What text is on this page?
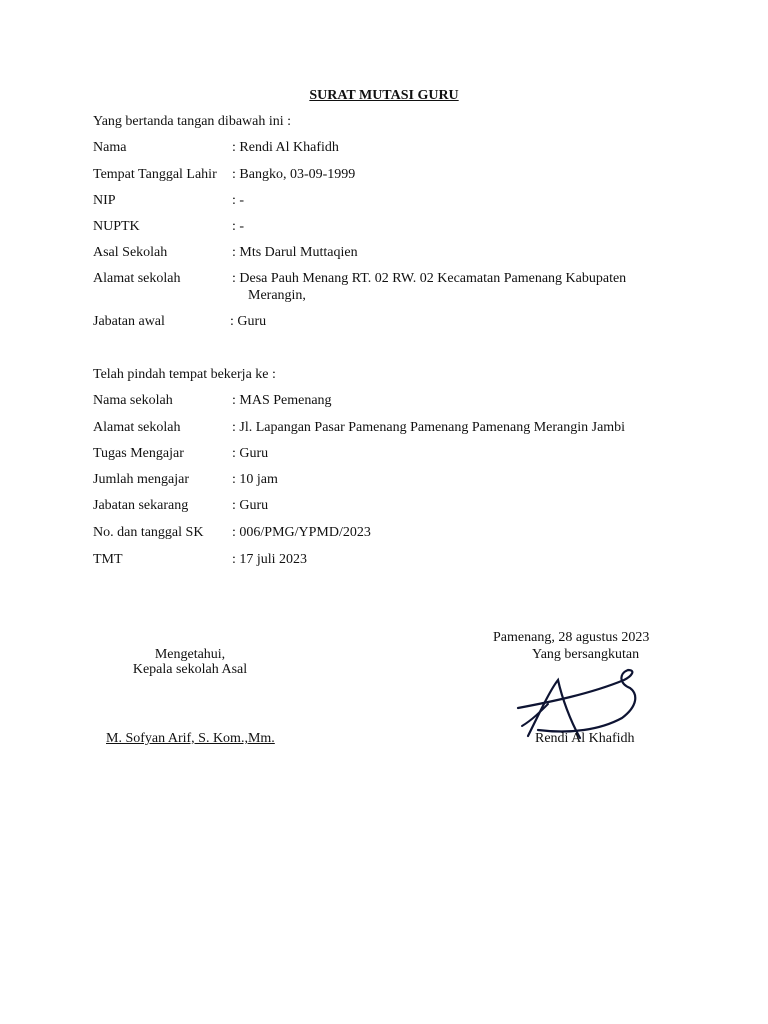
SURAT MUTASI GURU
Yang bertanda tangan dibawah ini :
Nama	: Rendi Al Khafidh
Tempat Tanggal Lahir : Bangko, 03-09-1999
NIP	: -
NUPTK	: -
Asal Sekolah	: Mts Darul Muttaqien
Alamat sekolah	: Desa Pauh Menang RT. 02 RW. 02 Kecamatan Pamenang Kabupaten
Merangin,
Jabatan awal	: Guru
Telah pindah tempat bekerja ke :
Nama sekolah	: MAS Pemenang
Alamat sekolah	: Jl. Lapangan Pasar Pamenang Pamenang Pamenang Merangin Jambi
Tugas Mengajar	: Guru
Jumlah mengajar	: 10 jam
Jabatan sekarang	: Guru
No. dan tanggal SK : 006/PMG/YPMD/2023
TMT	: 17 juli 2023
Pamenang, 28 agustus 2023
Mengetahui,
Kepala sekolah Asal
Yang bersangkutan
M. Sofyan Arif, S. Kom.,Mm.	Rendi Al Khafidh
